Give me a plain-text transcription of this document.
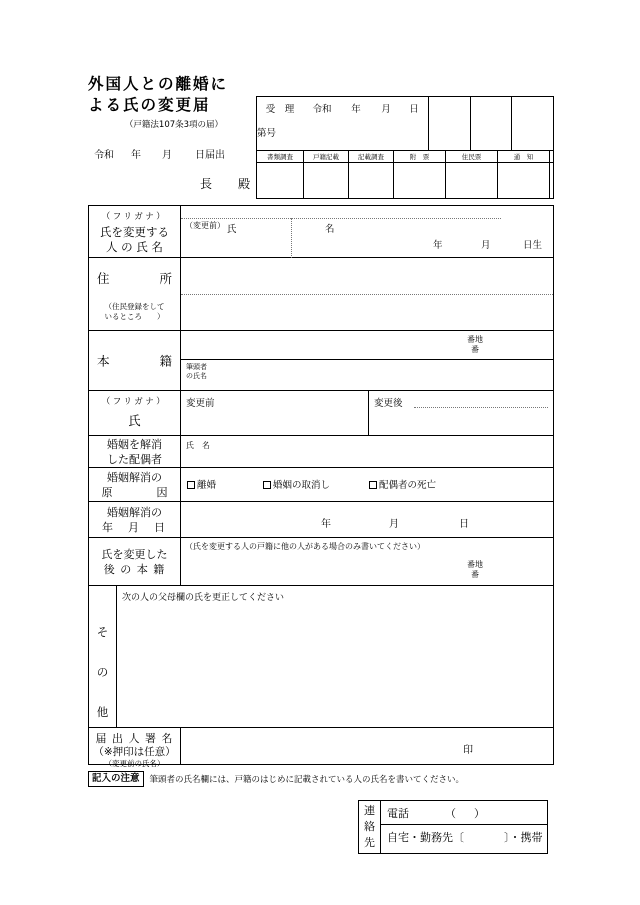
外国人との離婚に
よる氏の変更届
（戸籍法107条3項の届）
令和 年 月 日届出
長　殿
受　理 令和 年 月 日
第号
書類調査	戸籍記載	記載調査	附　票	住民票	通　知
（フリガナ）
氏を変更する
人 の 氏 名
（変更前） 氏	名
年	月	日生
住　　　　所
（住民登録をして
いるところ　　）
本　　　　籍
番地
番
筆頭者
の氏名
（フリガナ）
氏
変更前	変更後
婚姻を解消
した配偶者
氏　名
婚姻解消の
原　　　　因	離婚	婚姻の取消し	配偶者の死亡
婚姻解消の
年　月　日	年	月	日
氏を変更した
後 の 本 籍
（氏を変更する人の戸籍に他の人がある場合のみ書いてください）
番地
番
そ
の
他
次の人の父母欄の氏を更正してください
届 出 人 署 名
（※押印は任意）
（変更前の氏名）
印
記入の注意	筆頭者の氏名欄には、戸籍のはじめに記載されている人の氏名を書いてください。
連
絡
先
電話	（ ）
自宅・勤務先〔	〕・携帯
